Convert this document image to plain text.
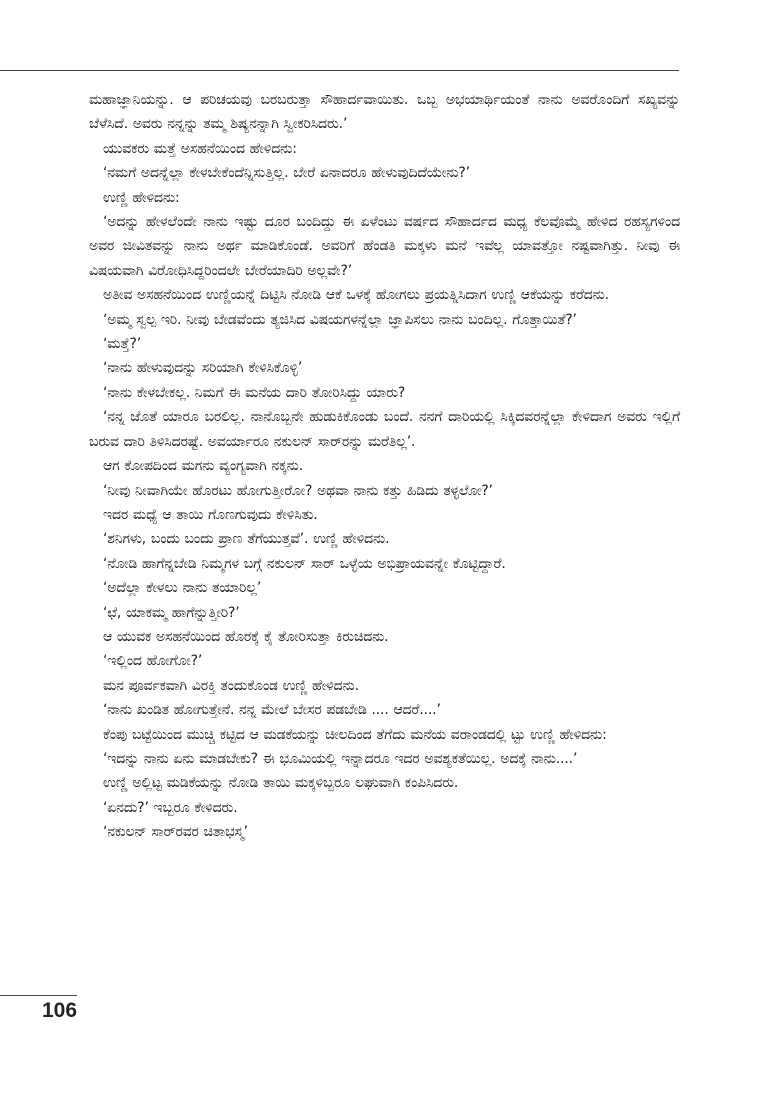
ಮಹಾಜ್ಞಾನಿಯನ್ನು. ಆ ಪರಿಚಯವು ಬರಬರುತ್ತಾ ಸೌಹಾರ್ದವಾಯಿತು. ಒಬ್ಬ ಅಭಯಾರ್ಥಿಯಂತೆ ನಾನು ಅವರೊಂದಿಗೆ ಸಖ್ಯವನ್ನು ಬೆಳೆಸಿದೆ. ಅವರು ನನ್ನನ್ನು ತಮ್ಮ ಶಿಷ್ಯನನ್ನಾಗಿ ಸ್ವೀಕರಿಸಿದರು.’

ಯುವಕರು ಮತ್ತೆ ಅಸಹನೆಯಿಂದ ಹೇಳಿದನು:

‘ನಮಗೆ ಅದನ್ನೆಲ್ಲಾ ಕೇಳಬೇಕೆಂದೆನ್ನಿಸುತ್ತಿಲ್ಲ. ಬೇರೆ ಏನಾದರೂ ಹೇಳುವುದಿದೆಯೇನು?’

ಉಣ್ಣಿ ಹೇಳಿದನು:

‘ಅದನ್ನು ಹೇಳಲೆಂದೇ ನಾನು ಇಷ್ಟು ದೂರ ಬಂದಿದ್ದು ಈ ಏಳೆಂಟು ವರ್ಷದ ಸೌಹಾರ್ದದ ಮಧ್ಯ ಕೆಲವೊಮ್ಮೆ ಹೇಳಿದ ರಹಸ್ಯಗಳಿಂದ ಅವರ ಜೀವಿತವನ್ನು ನಾನು ಅರ್ಥ ಮಾಡಿಕೊಂಡೆ. ಅವರಿಗೆ ಹೆಂಡತಿ ಮಕ್ಕಳು ಮನೆ ಇವೆಲ್ಲ ಯಾವತ್ತೋ ನಷ್ಟವಾಗಿತ್ತು. ನೀವು ಈ ವಿಷಯವಾಗಿ ವಿರೋಧಿಸಿದ್ದರಿಂದಲೇ ಬೇರೆಯಾದಿರಿ ಅಲ್ಲವೇ?’

ಅತೀವ ಅಸಹನೆಯಿಂದ ಉಣ್ಣಿಯನ್ನೆ ದಿಟ್ಟಿಸಿ ನೋಡಿ ಆಕೆ ಒಳಕ್ಕೆ ಹೋಗಲು ಪ್ರಯತ್ನಿಸಿದಾಗ ಉಣ್ಣಿ ಆಕೆಯನ್ನು ಕರೆದನು.

‘ಅಮ್ಮ ಸ್ವಲ್ಪ ಇರಿ. ನೀವು ಬೇಡವೆಂದು ತ್ಯಜಿಸಿದ ವಿಷಯಗಳನ್ನೆಲ್ಲಾ ಜ್ಞಾಪಿಸಲು ನಾನು ಬಂದಿಲ್ಲ. ಗೊತ್ತಾಯಿತೆ?’

‘ಮತ್ತೆ?’

‘ನಾನು ಹೇಳುವುದನ್ನು ಸರಿಯಾಗಿ ಕೇಳಿಸಿಕೊಳ್ಳಿ’

‘ನಾನು ಕೇಳಬೇಕಲ್ಲ. ನಿಮಗೆ ಈ ಮನೆಯ ದಾರಿ ತೋರಿಸಿದ್ದು ಯಾರು?

‘ನನ್ನ ಜೊತೆ ಯಾರೂ ಬರಲಿಲ್ಲ. ನಾನೊಬ್ಬನೇ ಹುಡುಕಿಕೊಂಡು ಬಂದೆ. ನನಗೆ ದಾರಿಯಲ್ಲಿ ಸಿಕ್ಕಿದವರನ್ನೆಲ್ಲಾ ಕೇಳಿದಾಗ ಅವರು ಇಲ್ಲಿಗೆ ಬರುವ ದಾರಿ ತಿಳಿಸಿದರಷ್ಟೆ. ಅವರ್ಯಾರೂ ನಕುಲನ್ ಸಾರ್‌ರನ್ನು ಮರೆತಿಲ್ಲ’.

ಆಗ ಕೋಪದಿಂದ ಮಗನು ವ್ಯಂಗ್ಯವಾಗಿ ನಕ್ಕನು.

‘ನೀವು ನೀವಾಗಿಯೇ ಹೊರಟು ಹೋಗುತ್ತೀರೋ? ಅಥವಾ ನಾನು ಕತ್ತು ಹಿಡಿದು ತಳ್ಳಲೋ?’

ಇದರ ಮಧ್ಯೆ ಆ ತಾಯಿ ಗೊಣಗುವುದು ಕೇಳಿಸಿತು.

‘ಶನಿಗಳು, ಬಂದು ಬಂದು ಪ್ರಾಣ ತೆಗೆಯುತ್ತವೆ’. ಉಣ್ಣಿ ಹೇಳಿದನು.

‘ನೋಡಿ ಹಾಗೆನ್ನಬೇಡಿ ನಿಮ್ಮಗಳ ಬಗ್ಗೆ ನಕುಲನ್ ಸಾರ್ ಒಳ್ಳೆಯ ಅಭಿಪ್ರಾಯವನ್ನೇ ಕೊಟ್ಟಿದ್ದಾರೆ.

‘ಅದೆಲ್ಲಾ ಕೇಳಲು ನಾನು ತಯಾರಿಲ್ಲ’

‘ಛೆ, ಯಾಕಮ್ಮ ಹಾಗೆನ್ನುತ್ತೀರಿ?’

ಆ ಯುವಕ ಅಸಹನೆಯಿಂದ ಹೊರಕ್ಕೆ ಕೈ ತೋರಿಸುತ್ತಾ ಕಿರುಚಿದನು.

‘ಇಲ್ಲಿಂದ ಹೋಗೋ?’

ಮನ ಪೂರ್ವಕವಾಗಿ ವಿರಕ್ತಿ ತಂದುಕೊಂಡ ಉಣ್ಣಿ ಹೇಳಿದನು.

‘ನಾನು ಖಂಡಿತ ಹೋಗುತ್ತೇನೆ. ನನ್ನ ಮೇಲೆ ಬೇಸರ ಪಡಬೇಡಿ .... ಆದರೆ....’

ಕೆಂಪು ಬಟ್ಟೆಯಿಂದ ಮುಚ್ಚಿ ಕಟ್ಟಿದ ಆ ಮಡಕೆಯನ್ನು ಚೀಲದಿಂದ ತೆಗೆದು ಮನೆಯ ವರಾಂಡದಲ್ಲಿ ಟ್ಟು ಉಣ್ಣಿ ಹೇಳಿದನು:

‘ಇದನ್ನು ನಾನು ಏನು ಮಾಡಬೇಕು? ಈ ಭೂಮಿಯಲ್ಲಿ ಇನ್ನಾದರೂ ಇದರ ಅವಶ್ಯಕತೆಯಿಲ್ಲ. ಅದಕ್ಕೆ ನಾನು....’

ಉಣ್ಣಿ ಅಲ್ಲಿಟ್ಟ ಮಡಿಕೆಯನ್ನು ನೋಡಿ ತಾಯಿ ಮಕ್ಕಳಿಬ್ಬರೂ ಲಘುವಾಗಿ ಕಂಪಿಸಿದರು.

‘ಏನದು?’ ಇಬ್ಬರೂ ಕೇಳಿದರು.

‘ನಕುಲನ್ ಸಾರ್‌ರವರ ಚಿತಾಭಸ್ಮ’

106
